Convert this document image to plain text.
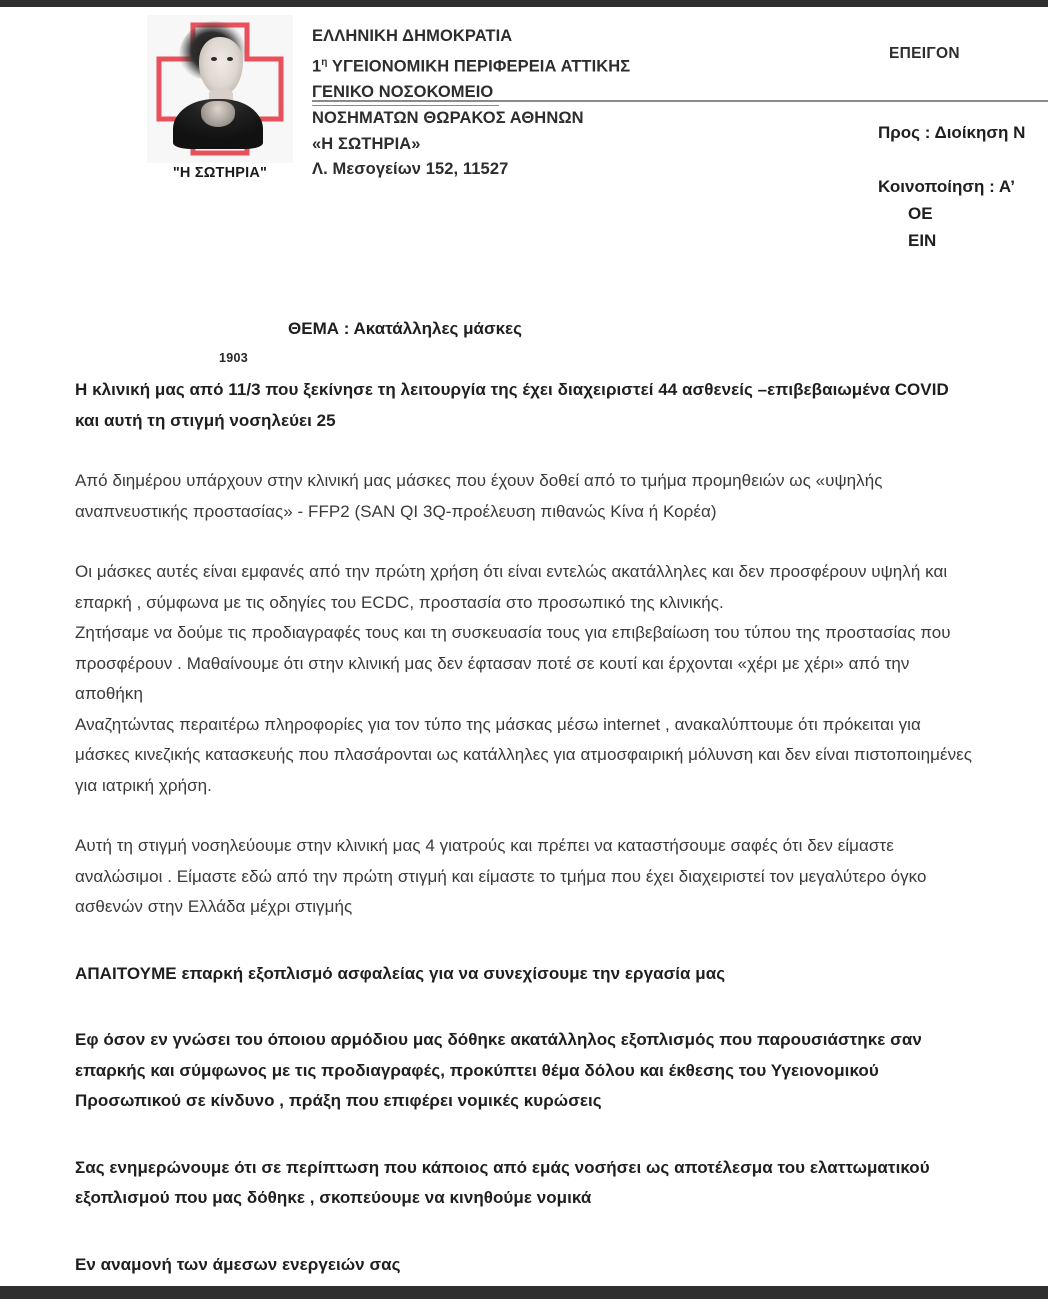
"Η ΣΩΤΗΡΙΑ"
ΕΛΛΗΝΙΚΗ ΔΗΜΟΚΡΑΤΙΑ
$1^\eta$ ΥΓΕΙΟΝΟΜΙΚΗ ΠΕΡΙΦΕΡΕΙΑ ΑΤΤΙΚΗΣ
ΓΕΝΙΚΟ ΝΟΣΟΚΟΜΕΙΟ
ΝΟΣΗΜΑΤΩΝ ΘΩΡΑΚΟΣ ΑΘΗΝΩΝ
«Η ΣΩΤΗΡΙΑ»
Λ. Μεσογείων 152, 11527
ΕΠΕΙΓΟΝ
Προς : Διοίκηση Ν
Κοινοποίηση : Α’
ΟΕ
ΕΙΝ
ΘΕΜΑ : Ακατάλληλες μάσκες
1903

Η κλινική μας από 11/3 που ξεκίνησε τη λειτουργία της έχει διαχειριστεί 44 ασθενείς –επιβεβαιωμένα COVID και αυτή τη στιγμή νοσηλεύει 25

Από διημέρου υπάρχουν στην κλινική μας μάσκες που έχουν δοθεί από το τμήμα προμηθειών ως «υψηλής αναπνευστικής προστασίας» - FFP2 (SAN QI 3Q-προέλευση πιθανώς Κίνα ή Κορέα)

Οι μάσκες αυτές είναι εμφανές από την πρώτη χρήση ότι είναι εντελώς ακατάλληλες και δεν προσφέρουν υψηλή και επαρκή , σύμφωνα με τις οδηγίες του ECDC, προστασία στο προσωπικό της κλινικής.

Ζητήσαμε να δούμε τις προδιαγραφές τους και τη συσκευασία τους για επιβεβαίωση του τύπου της προστασίας που προσφέρουν . Μαθαίνουμε ότι στην κλινική μας δεν έφτασαν ποτέ σε κουτί και έρχονται «χέρι με χέρι» από την αποθήκη

Αναζητώντας περαιτέρω πληροφορίες για τον τύπο της μάσκας μέσω internet , ανακαλύπτουμε ότι πρόκειται για μάσκες κινεζικής κατασκευής που πλασάρονται ως κατάλληλες για ατμοσφαιρική μόλυνση και δεν είναι πιστοποιημένες για ιατρική χρήση.

Αυτή τη στιγμή νοσηλεύουμε στην κλινική μας 4 γιατρούς και πρέπει να καταστήσουμε σαφές ότι δεν είμαστε αναλώσιμοι . Είμαστε εδώ από την πρώτη στιγμή και είμαστε το τμήμα που έχει διαχειριστεί τον μεγαλύτερο όγκο ασθενών στην Ελλάδα μέχρι στιγμής

ΑΠΑΙΤΟΥΜΕ επαρκή εξοπλισμό ασφαλείας για να συνεχίσουμε την εργασία μας

Εφ όσον εν γνώσει του όποιου αρμόδιου μας δόθηκε ακατάλληλος εξοπλισμός που παρουσιάστηκε σαν επαρκής και σύμφωνος με τις προδιαγραφές, προκύπτει θέμα δόλου και έκθεσης του Υγειονομικού Προσωπικού σε κίνδυνο , πράξη που επιφέρει νομικές κυρώσεις

Σας ενημερώνουμε ότι σε περίπτωση που κάποιος από εμάς νοσήσει ως αποτέλεσμα του ελαττωματικού εξοπλισμού που μας δόθηκε , σκοπεύουμε να κινηθούμε νομικά

Εν αναμονή των άμεσων ενεργειών σας
